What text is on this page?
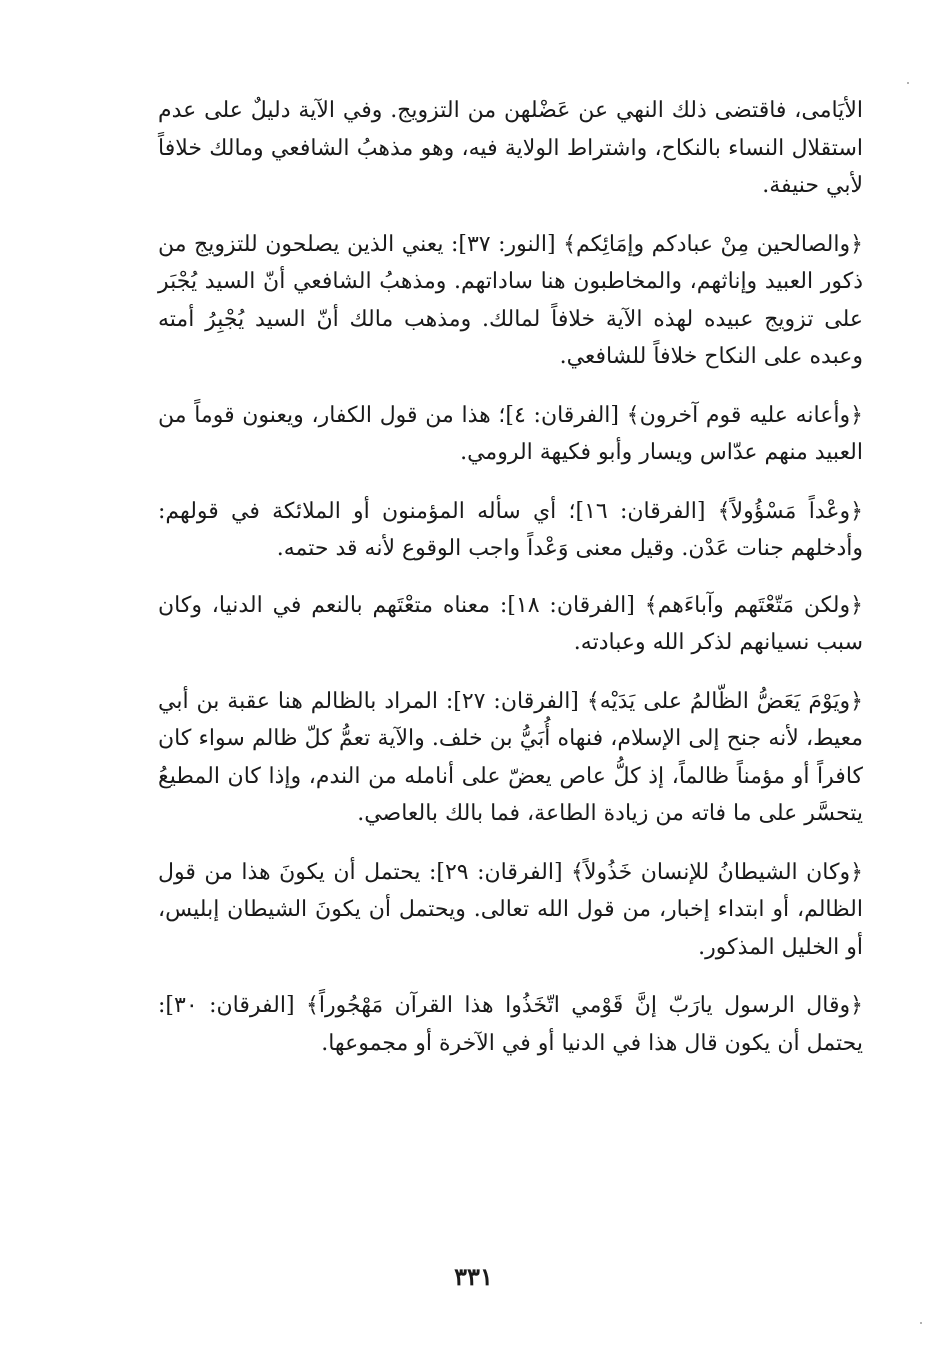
الأيَامى، فاقتضى ذلك النهي عن عَضْلهن من التزويج. وفي الآية دليلٌ على عدم استقلال النساء بالنكاح، واشتراط الولاية فيه، وهو مذهبُ الشافعي ومالك خلافاً لأبي حنيفة.

﴿والصالحين مِنْ عبادكم وإمَائِكم﴾ [النور: ٣٧]: يعني الذين يصلحون للتزويج من ذكور العبيد وإناثهم، والمخاطبون هنا ساداتهم. ومذهبُ الشافعي أنّ السيد يُجْبَر على تزويج عبيده لهذه الآية خلافاً لمالك. ومذهب مالك أنّ السيد يُجْبِرُ أمته وعبده على النكاح خلافاً للشافعي.

﴿وأعانه عليه قوم آخرون﴾ [الفرقان: ٤]؛ هذا من قول الكفار، ويعنون قوماً من العبيد منهم عدّاس ويسار وأبو فكيهة الرومي.

﴿وعْداً مَسْؤُولاً﴾ [الفرقان: ١٦]؛ أي سأله المؤمنون أو الملائكة في قولهم: وأدخلهم جنات عَدْن. وقيل معنى وَعْداً واجب الوقوع لأنه قد حتمه.

﴿ولكن مَتّعْتَهم وآباءَهم﴾ [الفرقان: ١٨]: معناه متعْتَهم بالنعم في الدنيا، وكان سبب نسيانهم لذكر الله وعبادته.

﴿ويَوْمَ يَعَضُّ الظّالمُ على يَدَيْه﴾ [الفرقان: ٢٧]: المراد بالظالم هنا عقبة بن أبي معيط، لأنه جنح إلى الإسلام، فنهاه أُبَيُّ بن خلف. والآية تعمُّ كلّ ظالم سواء كان كافراً أو مؤمناً ظالماً، إذ كلُّ عاص يعضّ على أنامله من الندم، وإذا كان المطيعُ يتحسَّر على ما فاته من زيادة الطاعة، فما بالك بالعاصي.

﴿وكان الشيطانُ للإنسان خَذُولاً﴾ [الفرقان: ٢٩]: يحتمل أن يكونَ هذا من قول الظالم، أو ابتداء إخبار، من قول الله تعالى. ويحتمل أن يكونَ الشيطان إبليس، أو الخليل المذكور.

﴿وقال الرسول يارَبّ إنَّ قَوْمي اتّخَذُوا هذا القرآن مَهْجُوراً﴾ [الفرقان: ٣٠]: يحتمل أن يكون قال هذا في الدنيا أو في الآخرة أو مجموعها.

٣٣١
